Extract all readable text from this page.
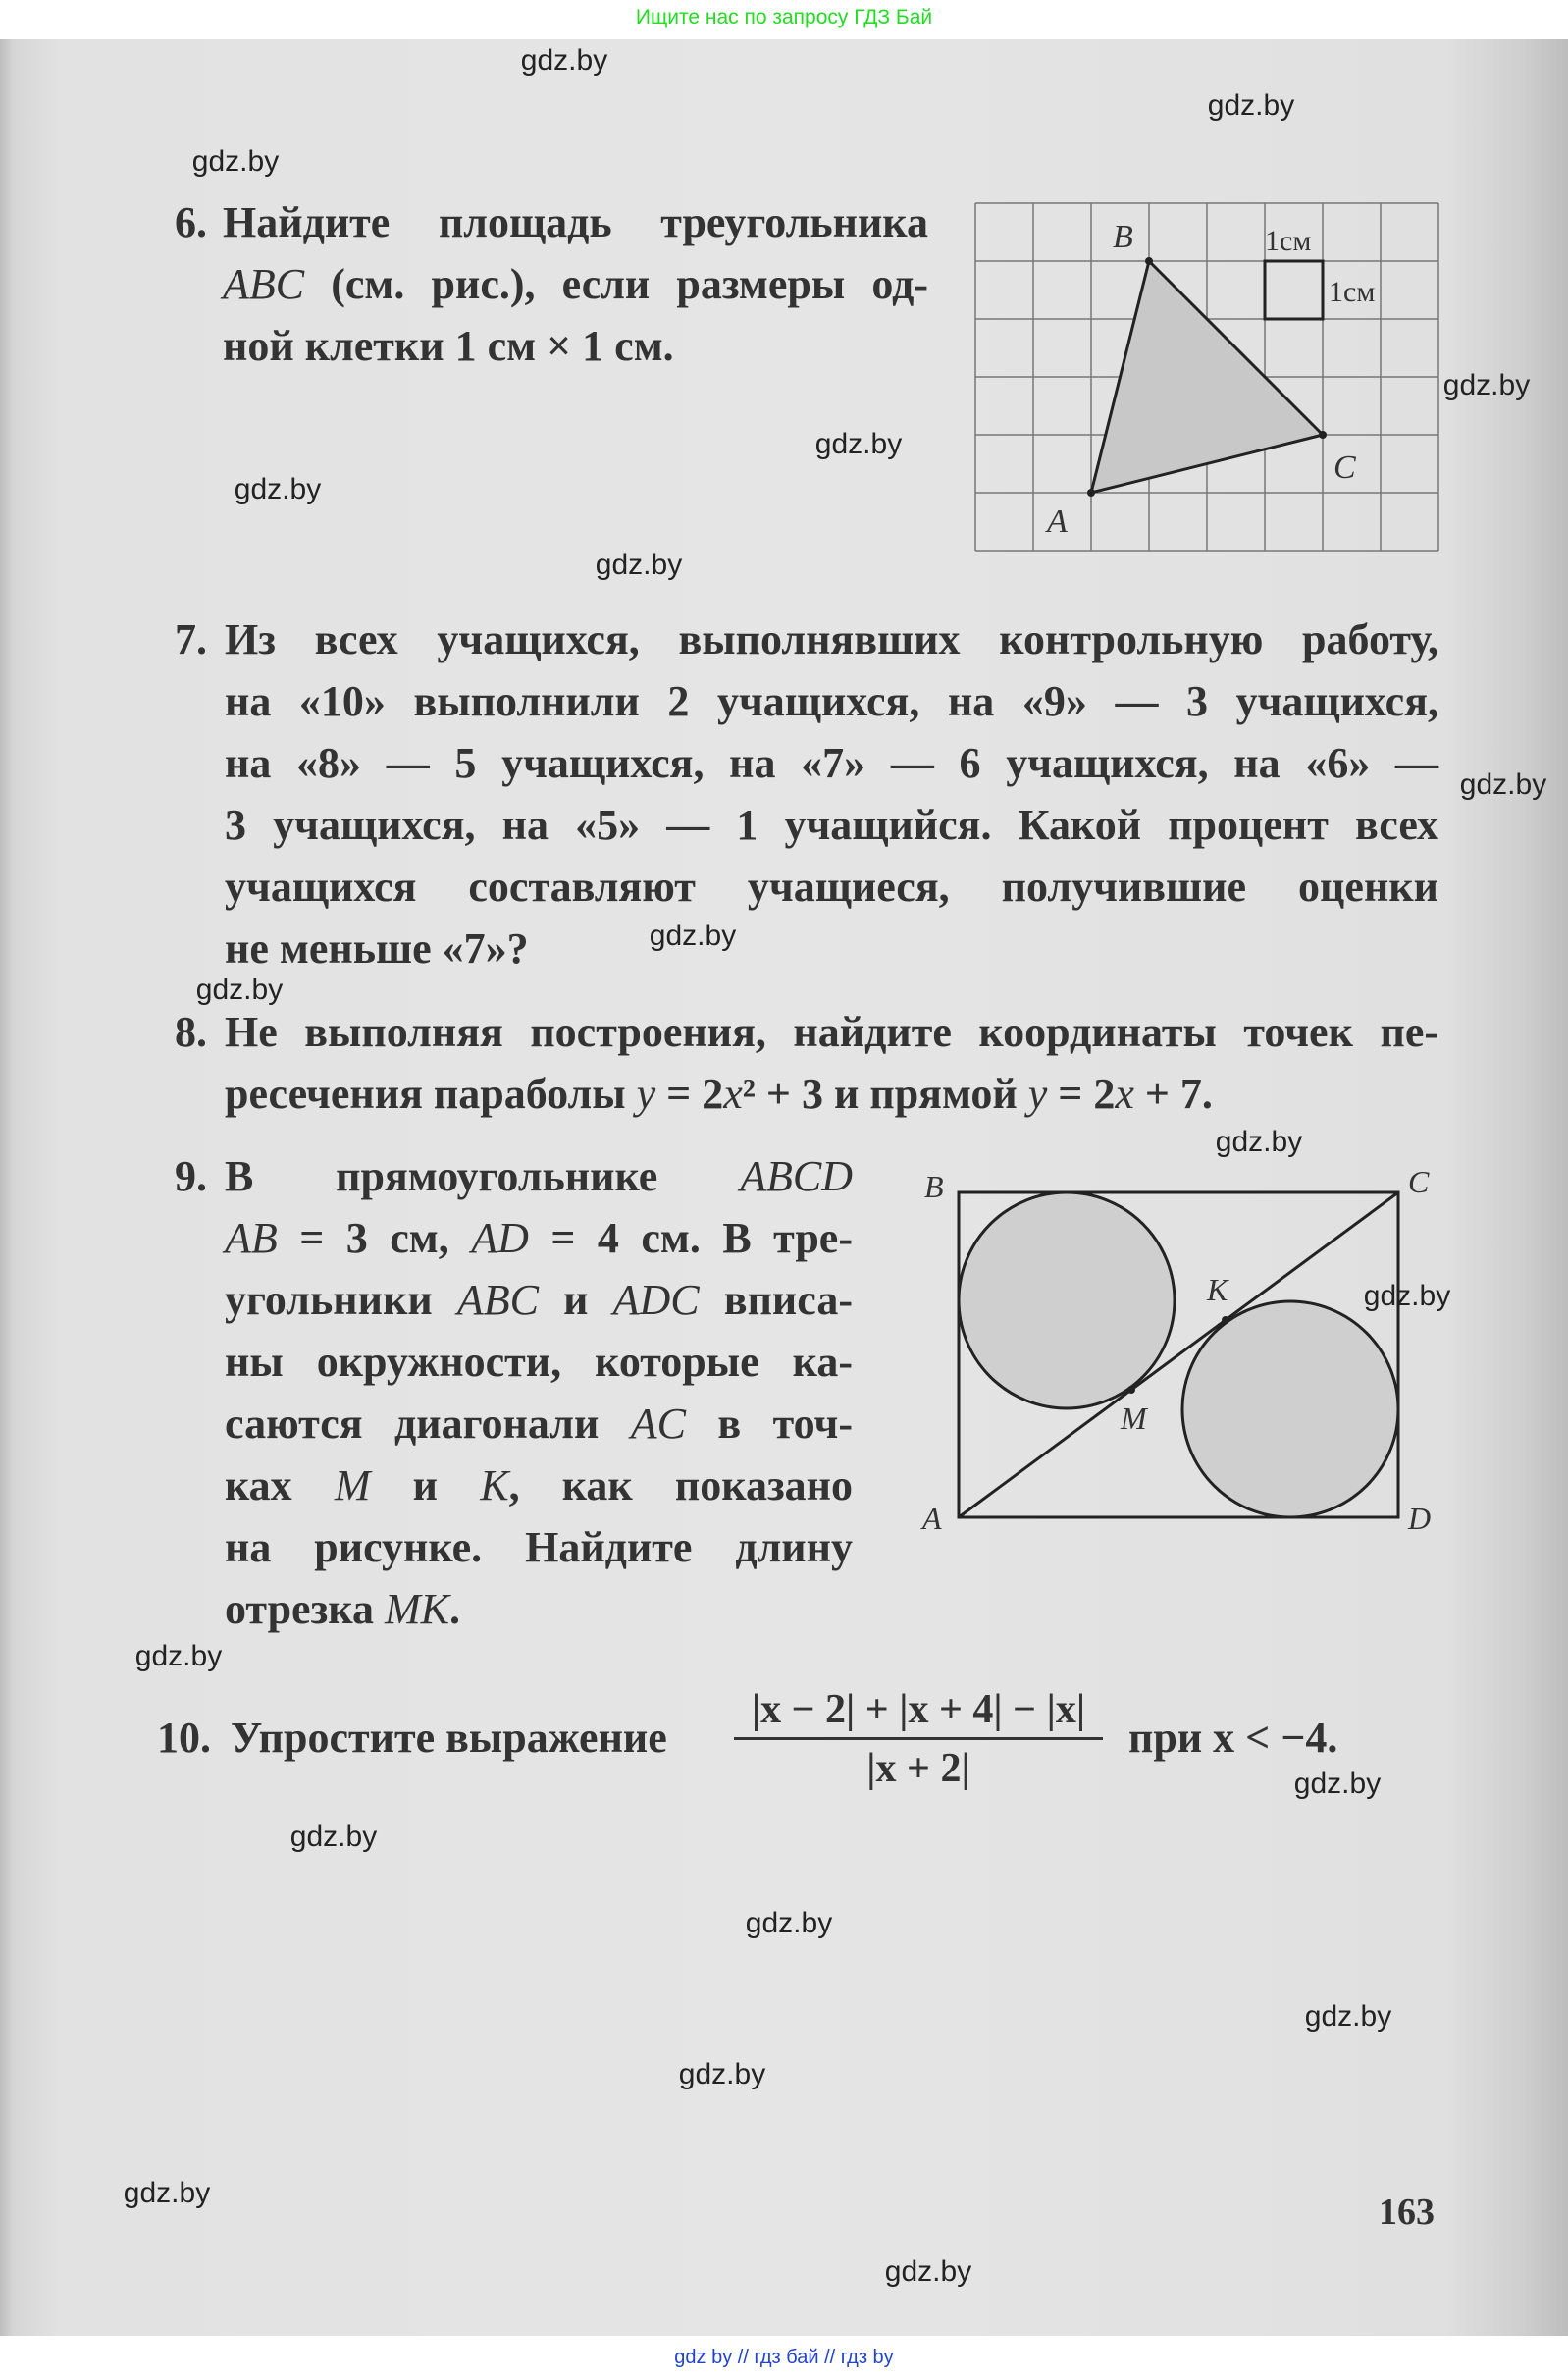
Ищите нас по запросу ГДЗ Бай
6. Найдите площадь треугольника
ABC (см. рис.), если размеры од-
ной клетки 1 см × 1 см.
7. Из всех учащихся, выполнявших контрольную работу,
на «10» выполнили 2 учащихся, на «9» — 3 учащихся,
на «8» — 5 учащихся, на «7» — 6 учащихся, на «6» —
3 учащихся, на «5» — 1 учащийся. Какой процент всех
учащихся составляют учащиеся, получившие оценки
не меньше «7»?
8. Не выполняя построения, найдите координаты точек пе-
ресечения параболы y = 2x² + 3 и прямой y = 2x + 7.
9. В прямоугольнике ABCD
AB = 3 см, AD = 4 см. В тре-
угольники ABC и ADC вписа-
ны окружности, которые ка-
саются диагонали AC в точ-
ках M и K, как показано
на рисунке. Найдите длину
отрезка MK.
10. Упростите выражение
B
C
A
1см
1см
B	C
A	D
M
K
|x − 2| + |x + 4| − |x|
|x + 2|
при x < −4.
163
gdz.by
gdz.by
gdz.by
gdz.by
gdz.by
gdz.by
gdz.by
gdz.by
gdz.by
gdz.by
gdz.by
gdz.by
gdz.by
gdz.by
gdz.by
gdz.by
gdz.by
gdz.by
gdz.by
gdz.by
gdz by // гдз бай // гдз by
